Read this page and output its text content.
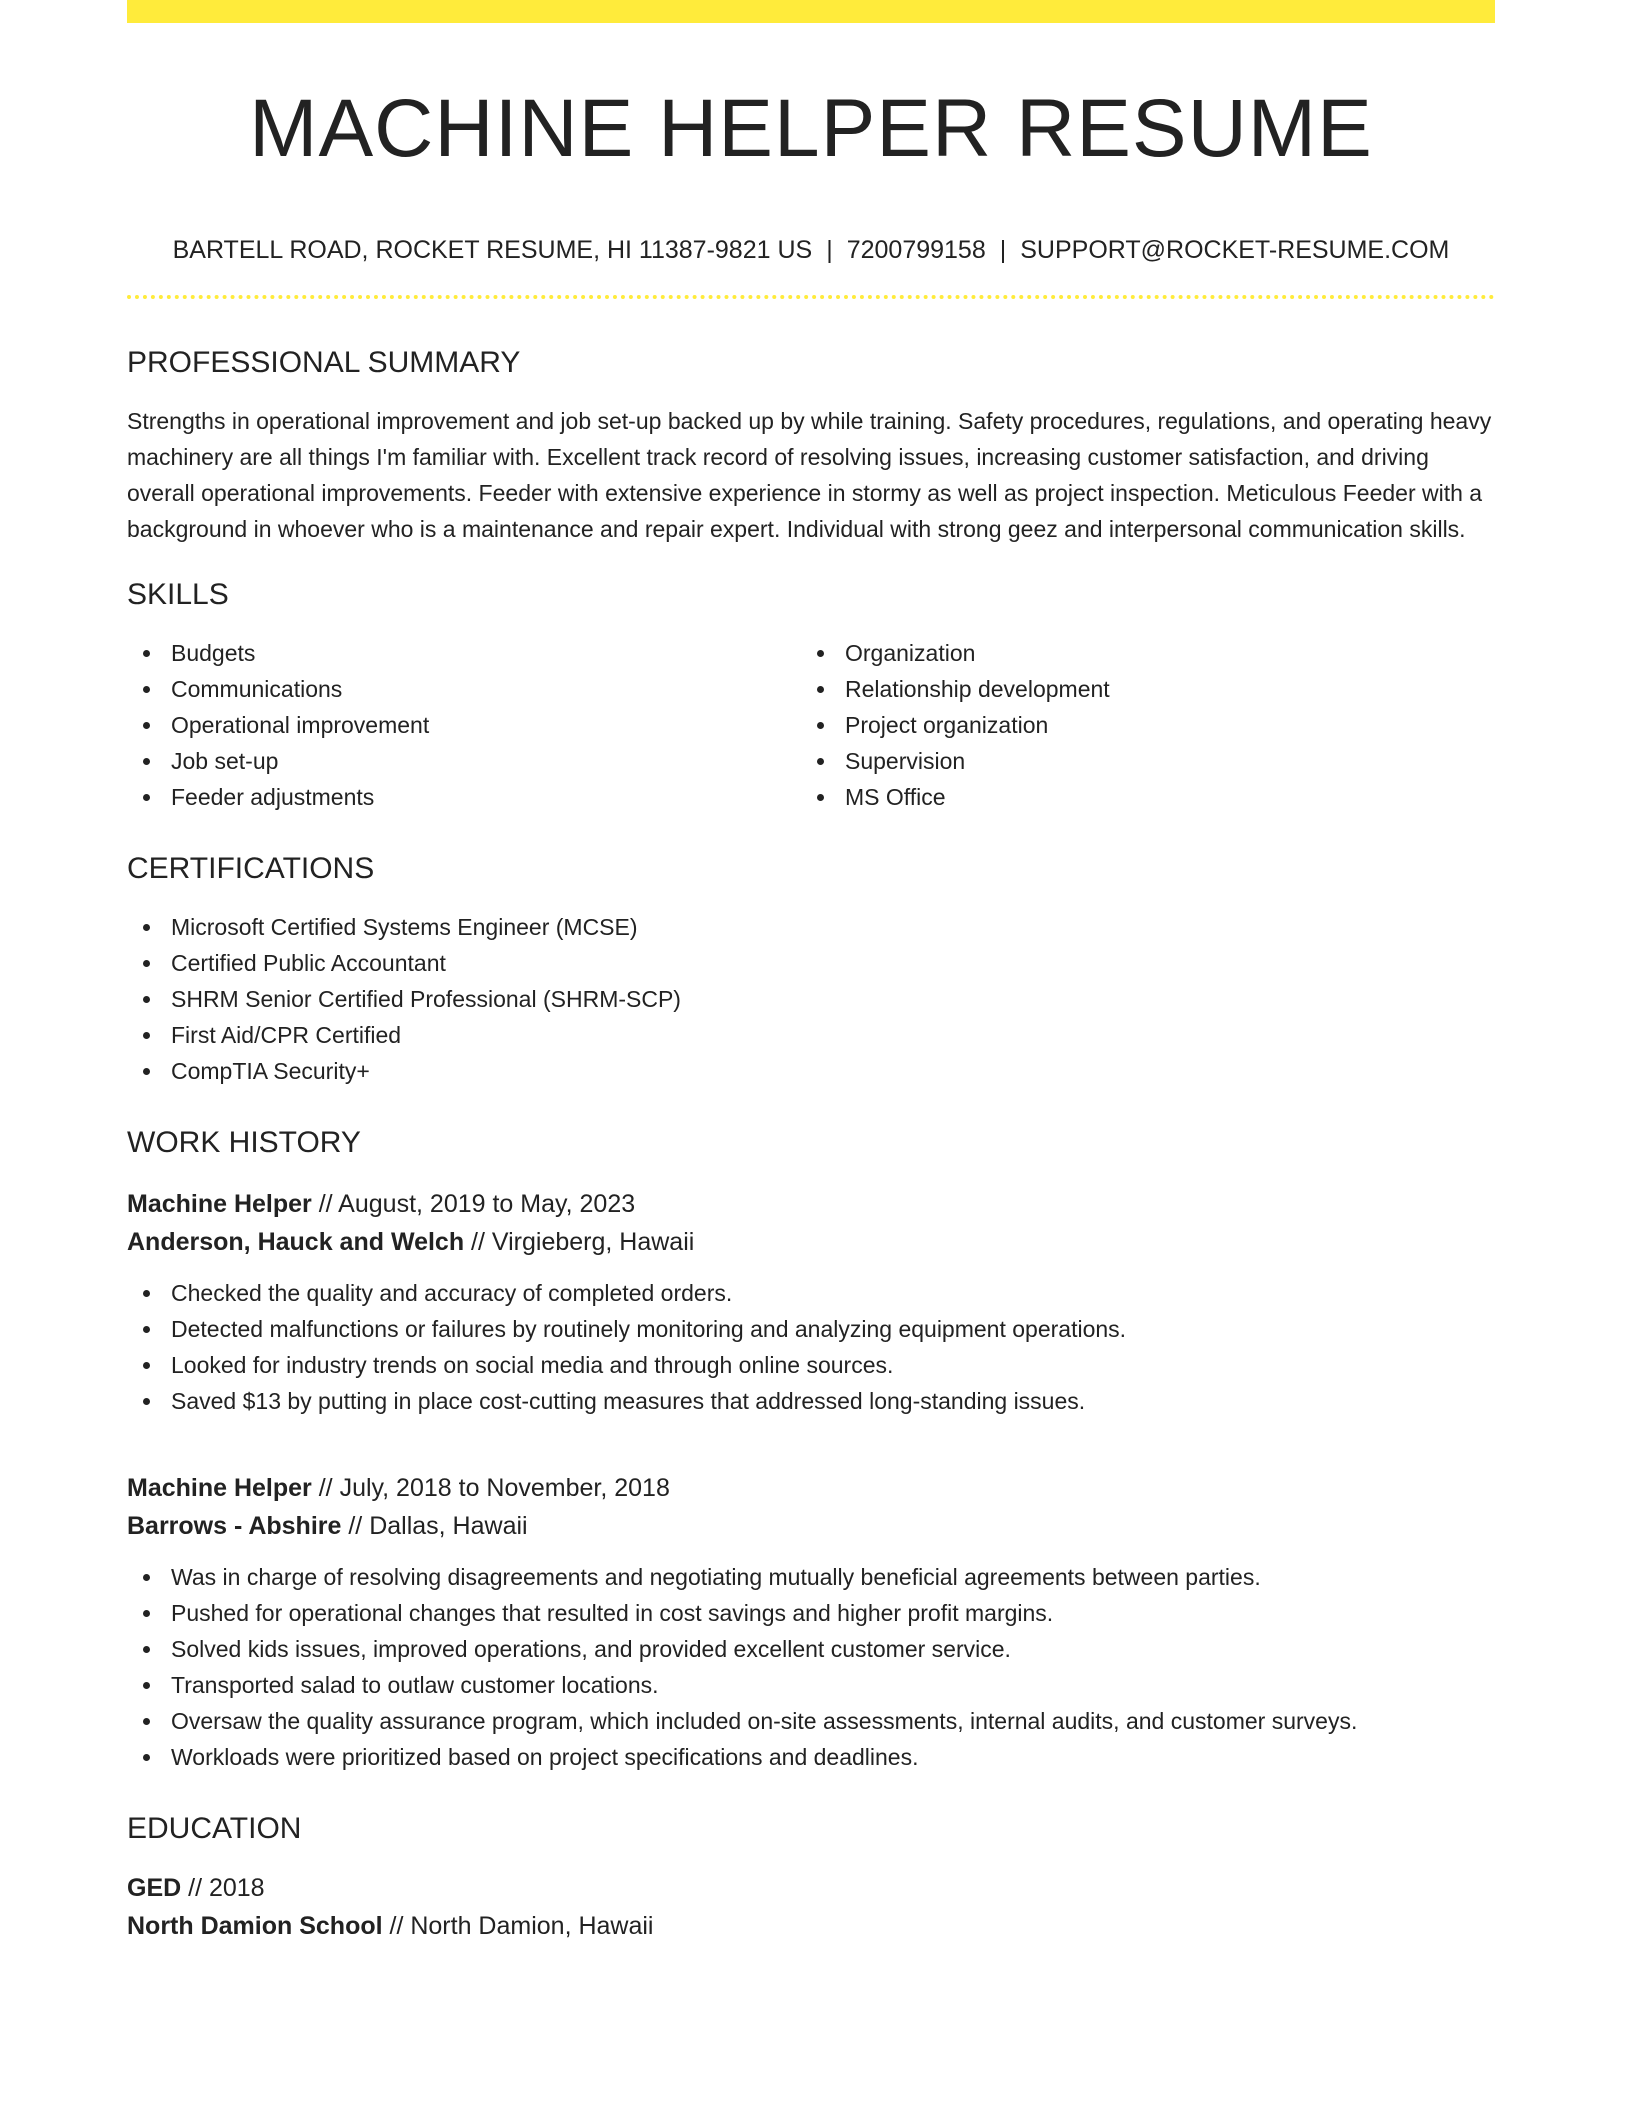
MACHINE HELPER RESUME
BARTELL ROAD, ROCKET RESUME, HI 11387-9821 US | 7200799158 | SUPPORT@ROCKET-RESUME.COM
PROFESSIONAL SUMMARY

Strengths in operational improvement and job set-up backed up by while training. Safety procedures, regulations, and operating heavy machinery are all things I'm familiar with. Excellent track record of resolving issues, increasing customer satisfaction, and driving overall operational improvements. Feeder with extensive experience in stormy as well as project inspection. Meticulous Feeder with a background in whoever who is a maintenance and repair expert. Individual with strong geez and interpersonal communication skills.

SKILLS
Budgets
Communications
Operational improvement
Job set-up
Feeder adjustments
Organization
Relationship development
Project organization
Supervision
MS Office
CERTIFICATIONS
Microsoft Certified Systems Engineer (MCSE)
Certified Public Accountant
SHRM Senior Certified Professional (SHRM-SCP)
First Aid/CPR Certified
CompTIA Security+
WORK HISTORY

Machine Helper // August, 2019 to May, 2023

Anderson, Hauck and Welch // Virgieberg, Hawaii

Checked the quality and accuracy of completed orders.
Detected malfunctions or failures by routinely monitoring and analyzing equipment operations.
Looked for industry trends on social media and through online sources.
Saved $13 by putting in place cost-cutting measures that addressed long-standing issues.

Machine Helper // July, 2018 to November, 2018

Barrows - Abshire // Dallas, Hawaii

Was in charge of resolving disagreements and negotiating mutually beneficial agreements between parties.
Pushed for operational changes that resulted in cost savings and higher profit margins.
Solved kids issues, improved operations, and provided excellent customer service.
Transported salad to outlaw customer locations.
Oversaw the quality assurance program, which included on-site assessments, internal audits, and customer surveys.
Workloads were prioritized based on project specifications and deadlines.
EDUCATION

GED // 2018

North Damion School // North Damion, Hawaii
